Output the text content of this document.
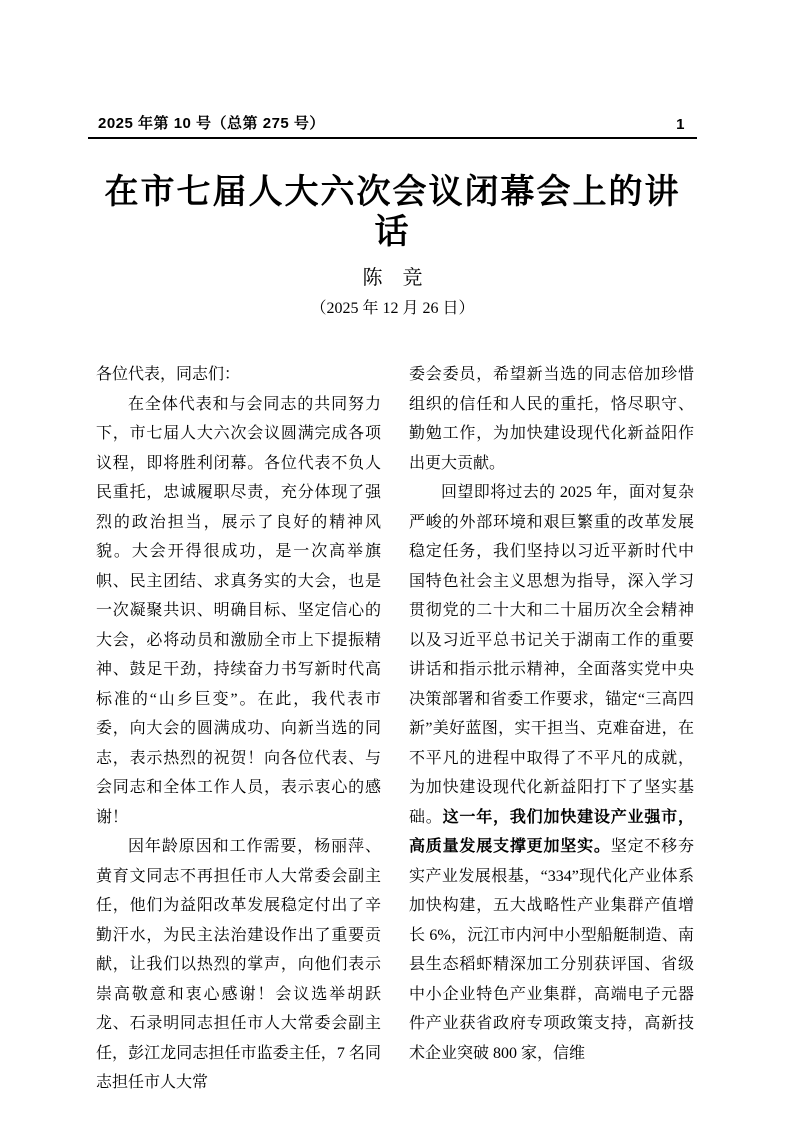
2025 年第 10 号（总第 275 号）	1
在市七届人大六次会议闭幕会上的讲话
陈　竞
（2025 年 12 月 26 日）

各位代表，同志们：

在全体代表和与会同志的共同努力下，市七届人大六次会议圆满完成各项议程，即将胜利闭幕。各位代表不负人民重托，忠诚履职尽责，充分体现了强烈的政治担当，展示了良好的精神风貌。大会开得很成功，是一次高举旗帜、民主团结、求真务实的大会，也是一次凝聚共识、明确目标、坚定信心的大会，必将动员和激励全市上下提振精神、鼓足干劲，持续奋力书写新时代高标准的“山乡巨变”。在此，我代表市委，向大会的圆满成功、向新当选的同志，表示热烈的祝贺！向各位代表、与会同志和全体工作人员，表示衷心的感谢！

因年龄原因和工作需要，杨丽萍、黄育文同志不再担任市人大常委会副主任，他们为益阳改革发展稳定付出了辛勤汗水，为民主法治建设作出了重要贡献，让我们以热烈的掌声，向他们表示崇高敬意和衷心感谢！会议选举胡跃龙、石录明同志担任市人大常委会副主任，彭江龙同志担任市监委主任，7 名同志担任市人大常

委会委员，希望新当选的同志倍加珍惜组织的信任和人民的重托，恪尽职守、勤勉工作，为加快建设现代化新益阳作出更大贡献。

回望即将过去的 2025 年，面对复杂严峻的外部环境和艰巨繁重的改革发展稳定任务，我们坚持以习近平新时代中国特色社会主义思想为指导，深入学习贯彻党的二十大和二十届历次全会精神以及习近平总书记关于湖南工作的重要讲话和指示批示精神，全面落实党中央决策部署和省委工作要求，锚定“三高四新”美好蓝图，实干担当、克难奋进，在不平凡的进程中取得了不平凡的成就，为加快建设现代化新益阳打下了坚实基础。这一年，我们加快建设产业强市，高质量发展支撑更加坚实。坚定不移夯实产业发展根基，“334”现代化产业体系加快构建，五大战略性产业集群产值增长 6%，沅江市内河中小型船艇制造、南县生态稻虾精深加工分别获评国、省级中小企业特色产业集群，高端电子元器件产业获省政府专项政策支持，高新技术企业突破 800 家，信维
